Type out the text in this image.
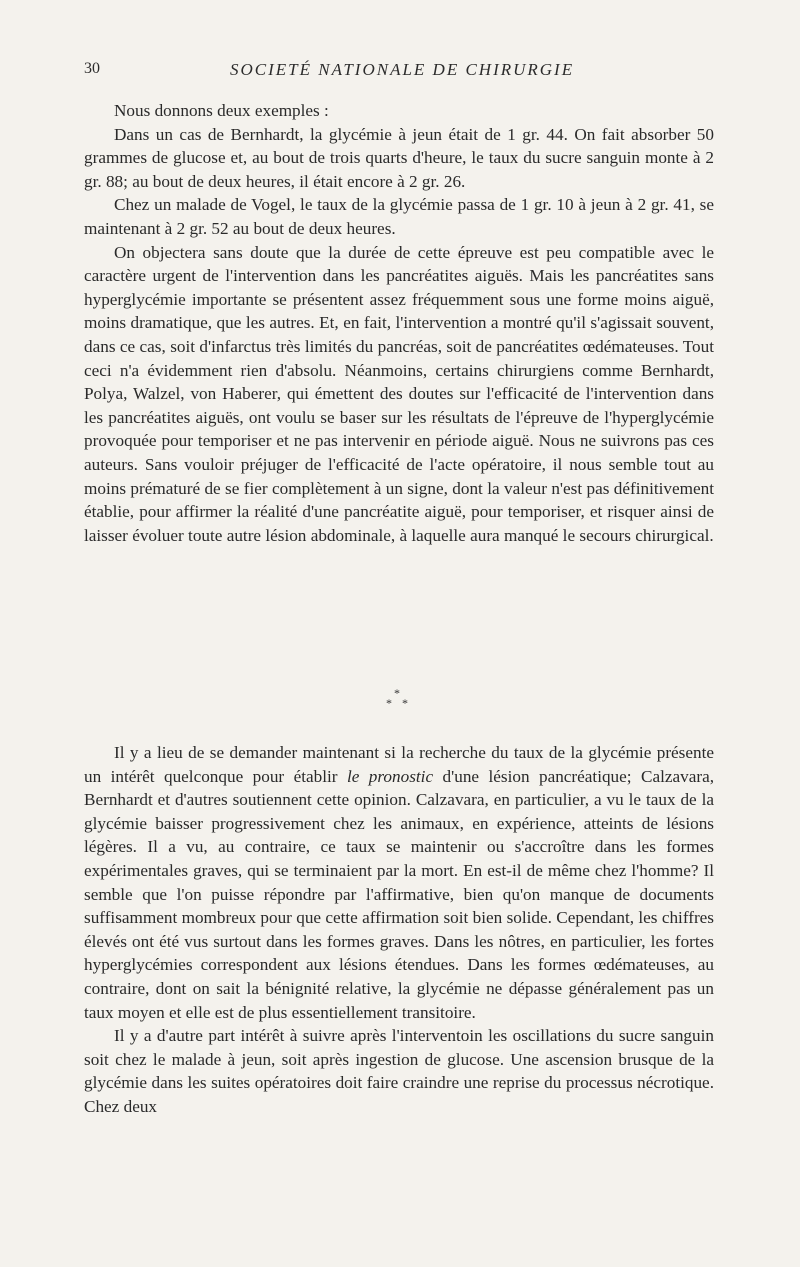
30	SOCIETÉ NATIONALE DE CHIRURGIE

Nous donnons deux exemples :

Dans un cas de Bernhardt, la glycémie à jeun était de 1 gr. 44. On fait absorber 50 grammes de glucose et, au bout de trois quarts d'heure, le taux du sucre sanguin monte à 2 gr. 88; au bout de deux heures, il était encore à 2 gr. 26.

Chez un malade de Vogel, le taux de la glycémie passa de 1 gr. 10 à jeun à 2 gr. 41, se maintenant à 2 gr. 52 au bout de deux heures.

On objectera sans doute que la durée de cette épreuve est peu compatible avec le caractère urgent de l'intervention dans les pancréatites aiguës. Mais les pancréatites sans hyperglycémie importante se présentent assez fréquemment sous une forme moins aiguë, moins dramatique, que les autres. Et, en fait, l'intervention a montré qu'il s'agissait souvent, dans ce cas, soit d'infarctus très limités du pancréas, soit de pancréatites œdémateuses. Tout ceci n'a évidemment rien d'absolu. Néanmoins, certains chirurgiens comme Bernhardt, Polya, Walzel, von Haberer, qui émettent des doutes sur l'efficacité de l'intervention dans les pancréatites aiguës, ont voulu se baser sur les résultats de l'épreuve de l'hyperglycémie provoquée pour temporiser et ne pas intervenir en période aiguë. Nous ne suivrons pas ces auteurs. Sans vouloir préjuger de l'efficacité de l'acte opératoire, il nous semble tout au moins prématuré de se fier complètement à un signe, dont la valeur n'est pas définitivement établie, pour affirmer la réalité d'une pancréatite aiguë, pour temporiser, et risquer ainsi de laisser évoluer toute autre lésion abdominale, à laquelle aura manqué le secours chirurgical.

*
* *

Il y a lieu de se demander maintenant si la recherche du taux de la glycémie présente un intérêt quelconque pour établir le pronostic d'une lésion pancréatique; Calzavara, Bernhardt et d'autres soutiennent cette opinion. Calzavara, en particulier, a vu le taux de la glycémie baisser progressivement chez les animaux, en expérience, atteints de lésions légères. Il a vu, au contraire, ce taux se maintenir ou s'accroître dans les formes expérimentales graves, qui se terminaient par la mort. En est-il de même chez l'homme? Il semble que l'on puisse répondre par l'affirmative, bien qu'on manque de documents suffisamment mombreux pour que cette affirmation soit bien solide. Cependant, les chiffres élevés ont été vus surtout dans les formes graves. Dans les nôtres, en particulier, les fortes hyperglycémies correspondent aux lésions étendues. Dans les formes œdémateuses, au contraire, dont on sait la bénignité relative, la glycémie ne dépasse généralement pas un taux moyen et elle est de plus essentiellement transitoire.

Il y a d'autre part intérêt à suivre après l'interventoin les oscillations du sucre sanguin soit chez le malade à jeun, soit après ingestion de glucose. Une ascension brusque de la glycémie dans les suites opératoires doit faire craindre une reprise du processus nécrotique. Chez deux
